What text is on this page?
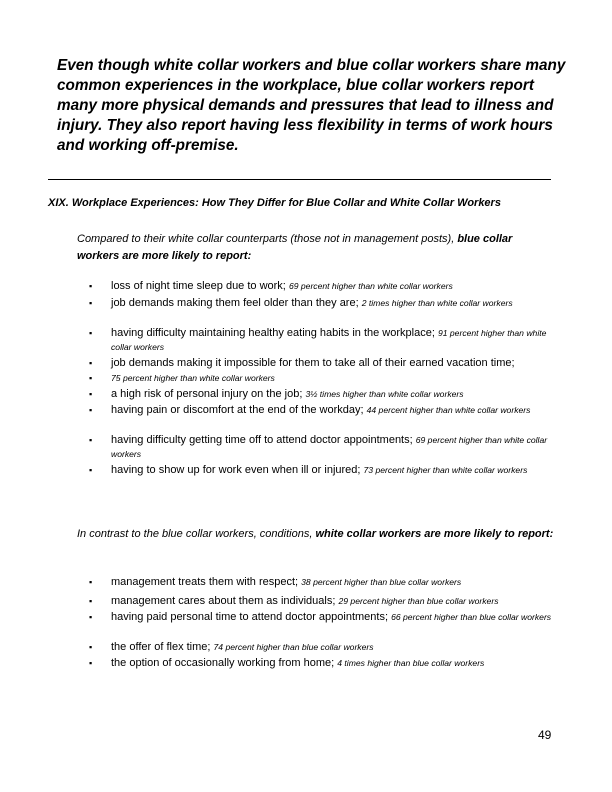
Even though white collar workers and blue collar workers share many common experiences in the workplace, blue collar workers report many more physical demands and pressures that lead to illness and injury. They also report having less flexibility in terms of work hours and working off-premise.
XIX. Workplace Experiences: How They Differ for Blue Collar and White Collar Workers
Compared to their white collar counterparts (those not in management posts), blue collar workers are more likely to report:
▪ loss of night time sleep due to work; 69 percent higher than white collar workers
▪ job demands making them feel older than they are; 2 times higher than white collar workers
▪ having difficulty maintaining healthy eating habits in the workplace; 91 percent higher than white collar workers
▪ job demands making it impossible for them to take all of their earned vacation time;
▪ 75 percent higher than white collar workers
▪ a high risk of personal injury on the job; 3½ times higher than white collar workers
▪ having pain or discomfort at the end of the workday; 44 percent higher than white collar workers
▪ having difficulty getting time off to attend doctor appointments; 69 percent higher than white collar workers
▪ having to show up for work even when ill or injured; 73 percent higher than white collar workers
In contrast to the blue collar workers, conditions, white collar workers are more likely to report:
▪ management treats them with respect; 38 percent higher than blue collar workers
▪ management cares about them as individuals; 29 percent higher than blue collar workers
▪ having paid personal time to attend doctor appointments; 66 percent higher than blue collar workers
▪ the offer of flex time; 74 percent higher than blue collar workers
▪ the option of occasionally working from home; 4 times higher than blue collar workers
49
